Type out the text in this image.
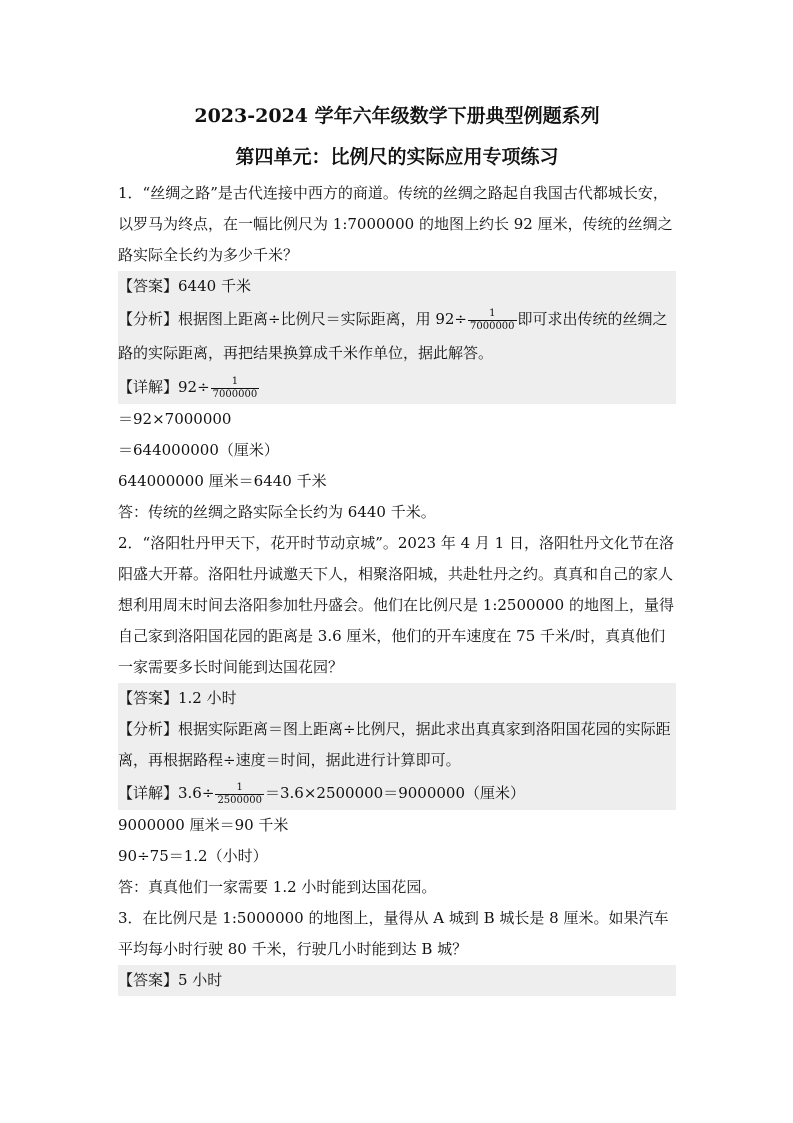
2023-2024 学年六年级数学下册典型例题系列
第四单元：比例尺的实际应用专项练习

1．“丝绸之路”是古代连接中西方的商道。传统的丝绸之路起自我国古代都城长安，以罗马为终点，在一幅比例尺为 1:7000000 的地图上约长 92 厘米，传统的丝绸之路实际全长约为多少千米？

【答案】6440 千米

【分析】根据图上距离÷比例尺＝实际距离，用 $92\div \frac{1}{7000000}$ 即可求出传统的丝绸之路的实际距离，再把结果换算成千米作单位，据此解答。

【详解】$92\div \frac{1}{7000000}$

＝92×7000000

＝644000000（厘米）

644000000 厘米＝6440 千米

答：传统的丝绸之路实际全长约为 6440 千米。

2．“洛阳牡丹甲天下，花开时节动京城”。2023 年 4 月 1 日，洛阳牡丹文化节在洛阳盛大开幕。洛阳牡丹诚邀天下人，相聚洛阳城，共赴牡丹之约。真真和自己的家人想利用周末时间去洛阳参加牡丹盛会。他们在比例尺是 1:2500000 的地图上，量得自己家到洛阳国花园的距离是 3.6 厘米，他们的开车速度在 75 千米/时，真真他们一家需要多长时间能到达国花园？

【答案】1.2 小时

【分析】根据实际距离＝图上距离÷比例尺，据此求出真真家到洛阳国花园的实际距离，再根据路程÷速度＝时间，据此进行计算即可。

【详解】$3.6\div \frac{1}{2500000} =3.6\times 2500000=9000000$（厘米）

9000000 厘米＝90 千米

90÷75＝1.2（小时）

答：真真他们一家需要 1.2 小时能到达国花园。

3．在比例尺是 1:5000000 的地图上，量得从 A 城到 B 城长是 8 厘米。如果汽车平均每小时行驶 80 千米，行驶几小时能到达 B 城？

【答案】5 小时
